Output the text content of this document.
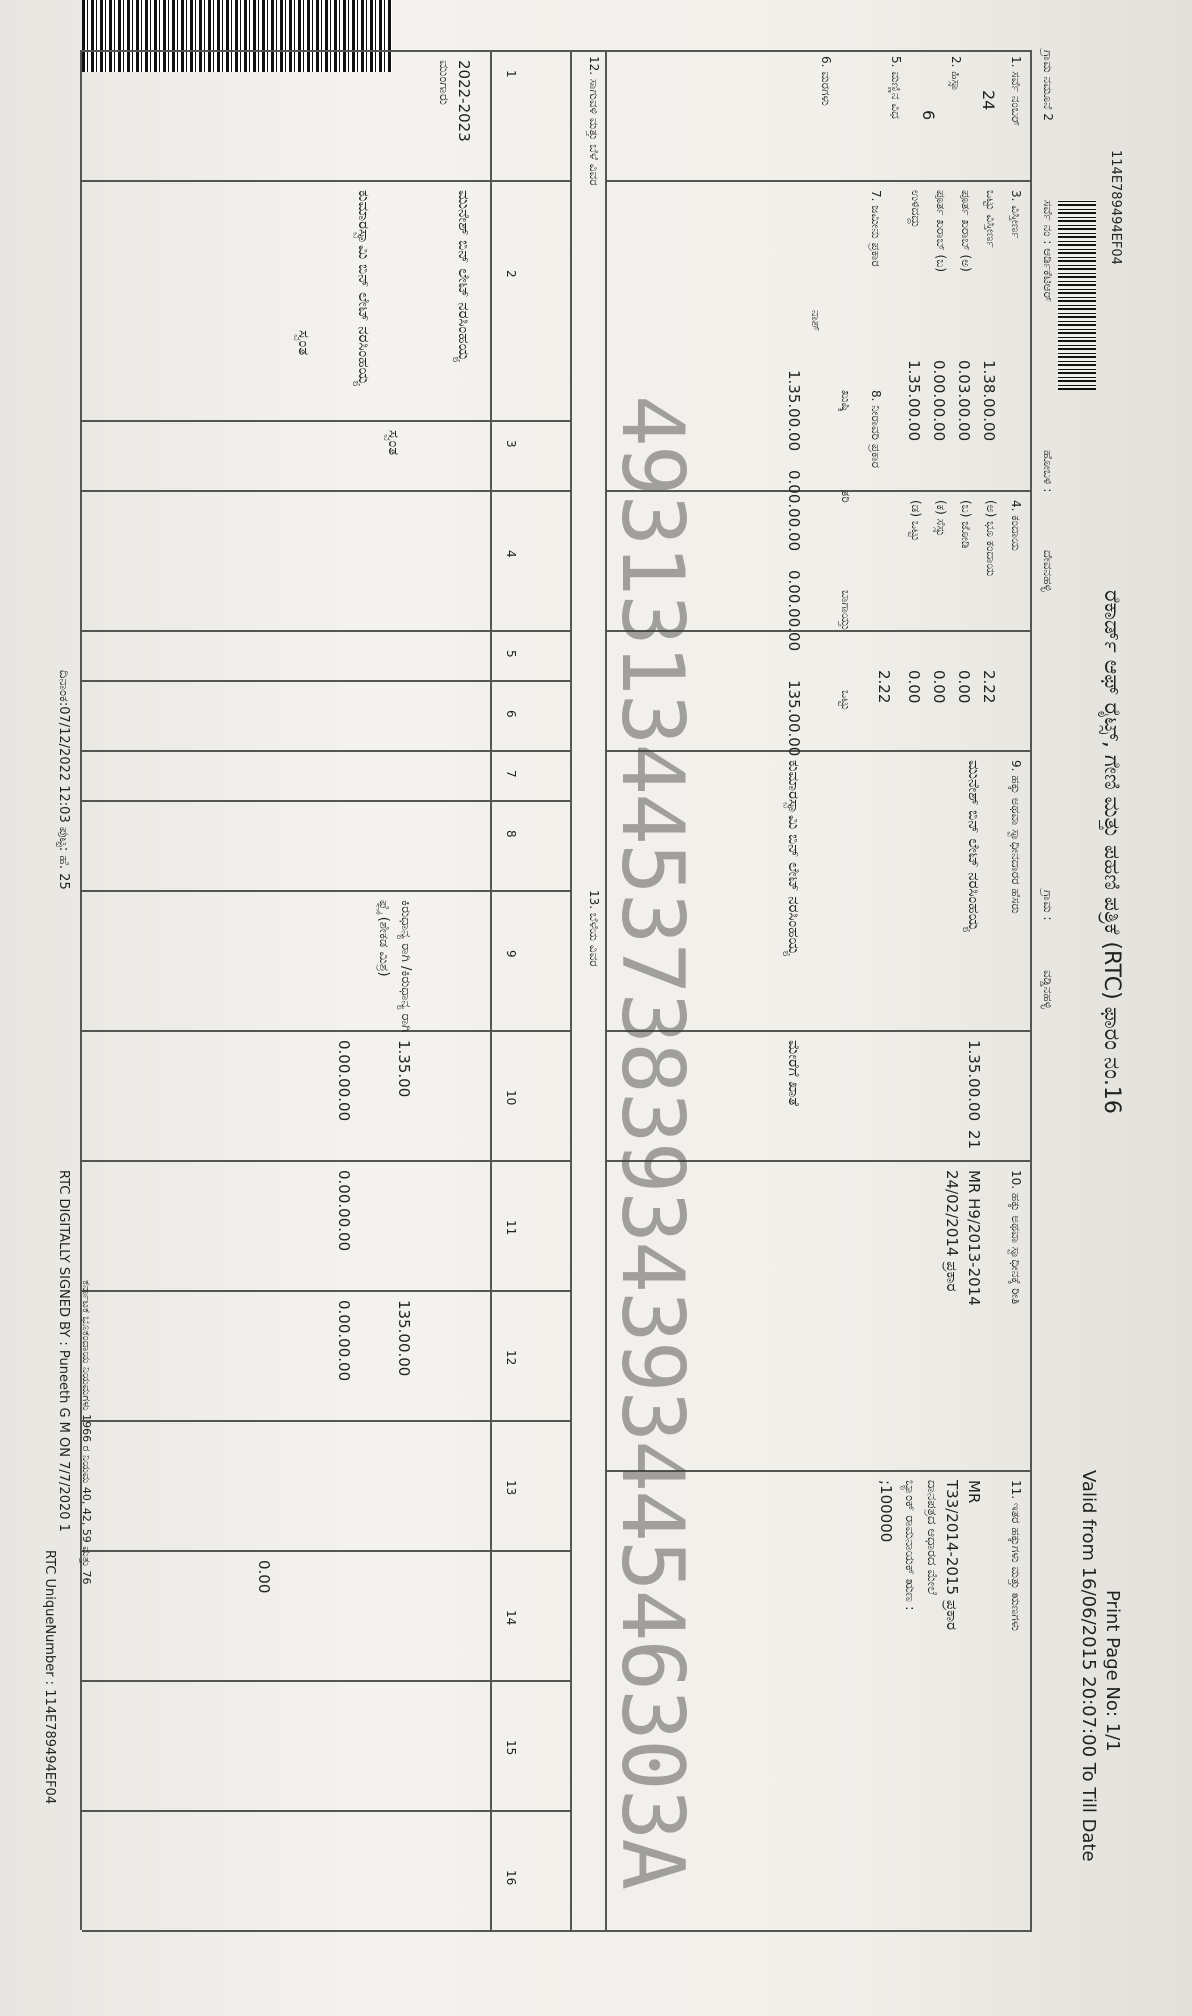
114E789494EF04
ರೆಕಾರ್ಡ್ ಆಫ್ ರೈಟ್ಸ್, ಗೇಣಿ ಮತ್ತು ಪಹಣಿ ಪತ್ರಿಕೆ (RTC) ಫಾರಂ ನಂ.16
Print Page No: 1/1
Valid from 16/06/2015 20:07:00 To Till Date
ಗ್ರಾಮ ನಮೂನೆ 2
ಸರ್ವೆ ನಂ : ಆರ್ಡಿಕೆಟಿಆರ್
ಹೋಬಳಿ :
ದೇವನಹಳ್ಳಿ
ಗ್ರಾಮ :
ವಡ್ಡಿನಹಳ್ಳಿ
1. ಸರ್ವೆ ನಂಬರ್
24
2. ಹಿಸ್ಸಾ
6
5. ಮಣ್ಣಿನ ವಿಧ
6. ಮರಗಳು
3. ವಿಸ್ತೀರ್ಣ
ಒಟ್ಟು ವಿಸ್ತೀರ್ಣ
1.38.00.00
ಪೂರ್ತ ಖರಾಬ್ (ಅ)
0.03.00.00
ಪೂರ್ತ ಖರಾಬ್ (ಬ)
0.00.00.00
ಉಳಿದದ್ದು
1.35.00.00
4. ಕಂದಾಯ
(ಅ) ಭೂ ಕಂದಾಯ
2.22
(ಬ) ಜೋಡಿ
0.00
(ಕ) ಸೆಸ್ಸು
0.00
(ಡ) ಒಟ್ಟು
0.00
2.22
7. ಜಮೀನು ಪ್ರಕಾರ
8. ನೀರಾವರಿ ಪ್ರಕಾರ
ಖುಷ್ಕಿ
ತರಿ
ಬಾಗಾಯ್ತು
ಒಟ್ಟು
ನಾಶ್
1.35.00.00
0.00.00.00
0.00.00.00
135.00.00
9. ಹಕ್ಕು ಅಥವಾ ಸ್ವಾಧೀನದಾರರ ಹೆಸರು
ಮುನೇಶ್ ಬಿನ್ ಲೇಟ್ ನರಸಿಂಹಯ್ಯ
1.35.00.00
21
ಕುಮಾರಸ್ವಾಮಿ ಬಿನ್ ಲೇಟ್ ನರಸಿಂಹಯ್ಯ
ಮೇರೆಗೆ ಖಾತೆ
10. ಹಕ್ಕು ಅಥವಾ ಸ್ವಾಧೀನಕ್ಕೆ ರೀತಿ
MR H9/2013-2014
24/02/2014 ಪ್ರಕಾರ
11. ಇತರ ಹಕ್ಕುಗಳು ಮತ್ತು ಋಣಗಳು
MR
T33/2014-2015 ಪ್ರಕಾರ
ದಾನಪತ್ರದ ಆಧಾರದ ಮೇಲೆ
ಬ್ಯಾಂಕ್ ರಾಮನಾಯಕ್ ಋಣ :
;100000
12. ಸಾಗುವಳಿ ಮತ್ತು ಬೆಳೆ ವಿವರ
13. ಬೆಳೆಯ ವಿವರ
1
2
3
4
5
6
7
8
9
10
11
12
13
14
15
16
2022-2023
ಮುಂಗಾರು
ಮುನೇಶ್ ಬಿನ್ ಲೇಟ್ ನರಸಿಂಹಯ್ಯ
ಕುಮಾರಸ್ವಾಮಿ ಬಿನ್ ಲೇಟ್ ನರಸಿಂಹಯ್ಯ
ಸ್ವಂತ
ಸ್ವಂತ
ಕಿರುಧಾನ್ಯ ರಾಗಿ /ಕಿರುಧಾನ್ಯ ರಾಗಿ
ಫ್ಲೈ (ಶೇಕಡ ಮಿಶ್ರ)
1.35.00
0.00.00.00
0.00.00.00
135.00.00
0.00.00.00
0.00	49313134453738393439344546303A
ದಿನಾಂಕ:07/12/2022 12:03 ಪುಟ್ಟ: ಹೆ. 25
RTC DIGITALLY SIGNED BY : Puneeth G M ON 7/7/2020 1 ಕರ್ನಾಟಕ ಭೂಕಂದಾಯ ನಿಯಮಗಳು 1966 ರ ನಿಯಮ 40, 42, 59 ಮತ್ತು 76
RTC UniqueNumber : 114E789494EF04
